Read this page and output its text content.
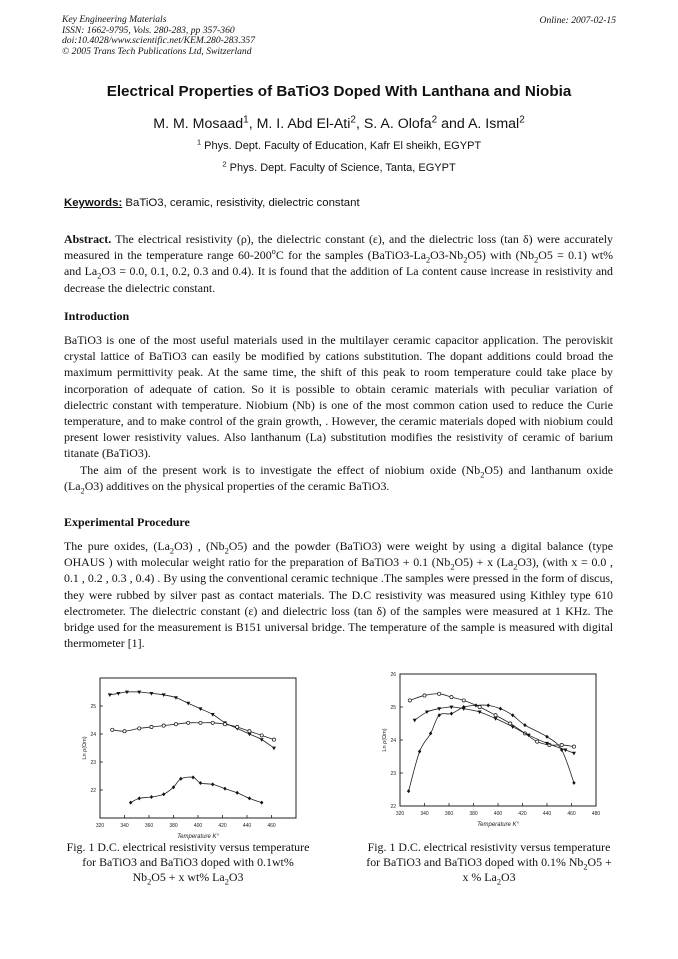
Key Engineering Materials
ISSN: 1662-9795, Vols. 280-283, pp 357-360
doi:10.4028/www.scientific.net/KEM.280-283.357
© 2005 Trans Tech Publications Ltd, Switzerland
Online: 2007-02-15
Electrical Properties of BaTiO3 Doped With Lanthana and Niobia
M. M. Mosaad$^1$, M. I. Abd El-Ati$^2$, S. A. Olofa$^2$ and A. Ismal$^2$
$^1$ Phys. Dept. Faculty of Education, Kafr El sheikh, EGYPT
$^2$ Phys. Dept. Faculty of Science, Tanta, EGYPT
Keywords: BaTiO3, ceramic, resistivity, dielectric constant
Abstract. The electrical resistivity (ρ), the dielectric constant (ε), and the dielectric loss (tan δ) were accurately measured in the temperature range 60-200$^o$C for the samples $(BaTiO3-La_2O3-Nb_2O5)$ with $(Nb_2O5 = 0.1)$ wt% and $La_2O3 = 0.0$, 0.1, 0.2, 0.3 and 0.4). It is found that the addition of La content cause increase in resistivity and decrease the dielectric constant.
Introduction
BaTiO3 is one of the most useful materials used in the multilayer ceramic capacitor application. The peroviskit crystal lattice of BaTiO3 can easily be modified by cations substitution. The dopant additions could broad the maximum permittivity peak. At the same time, the shift of this peak to room temperature could take place by incorporation of adequate of cation. So it is possible to obtain ceramic materials with peculiar variation of dielectric constant with temperature. Niobium (Nb) is one of the most common cation used to reduce the Curie temperature, and to make control of the grain growth, . However, the ceramic materials doped with niobium could present lower resistivity values. Also lanthanum (La) substitution modifies the resistivity of ceramic of barium titanate (BaTiO3).
The aim of the present work is to investigate the effect of niobium oxide $(Nb_2O5)$ and lanthanum oxide $(La_2O3)$ additives on the physical properties of the ceramic BaTiO3.
Experimental Procedure
The pure oxides, $(La_2O3)$ , $(Nb_2O5)$ and the powder (BaTiO3) were weight by using a digital balance (type OHAUS ) with molecular weight ratio for the preparation of BaTiO3 + 0.1 $(Nb_2O5) + x$ $(La_2O3)$, (with x = 0.0 , 0.1 , 0.2 , 0.3 , 0.4) . By using the conventional ceramic technique .The samples were pressed in the form of discus, they were rubbed by silver past as contact materials. The D.C resistivity was measured using Kithley type 610 electrometer. The dielectric constant (ε) and dielectric loss (tan δ) of the samples were measured at 1 KHz. The bridge used for the measurement is B151 universal bridge. The temperature of the sample is measured with digital thermometer [1].
320	340	360	380	400	420	440	460
22
23
24
25
Temperature K°
Ln ρ(Ωm)
320	340	360	380	400	420	440	460	480
22
23
24
25
26
Temperature K°
Ln ρ(Ωm)
Fig. 1 D.C. electrical resistivity versus temperature for BaTiO3 and BaTiO3 doped with 0.1wt% $Nb_2O5 + x$ wt% $La_2O3$
Fig. 1 D.C. electrical resistivity versus temperature for BaTiO3 and BaTiO3 doped with 0.1% $Nb_2O5 + x$ % $La_2O3$
